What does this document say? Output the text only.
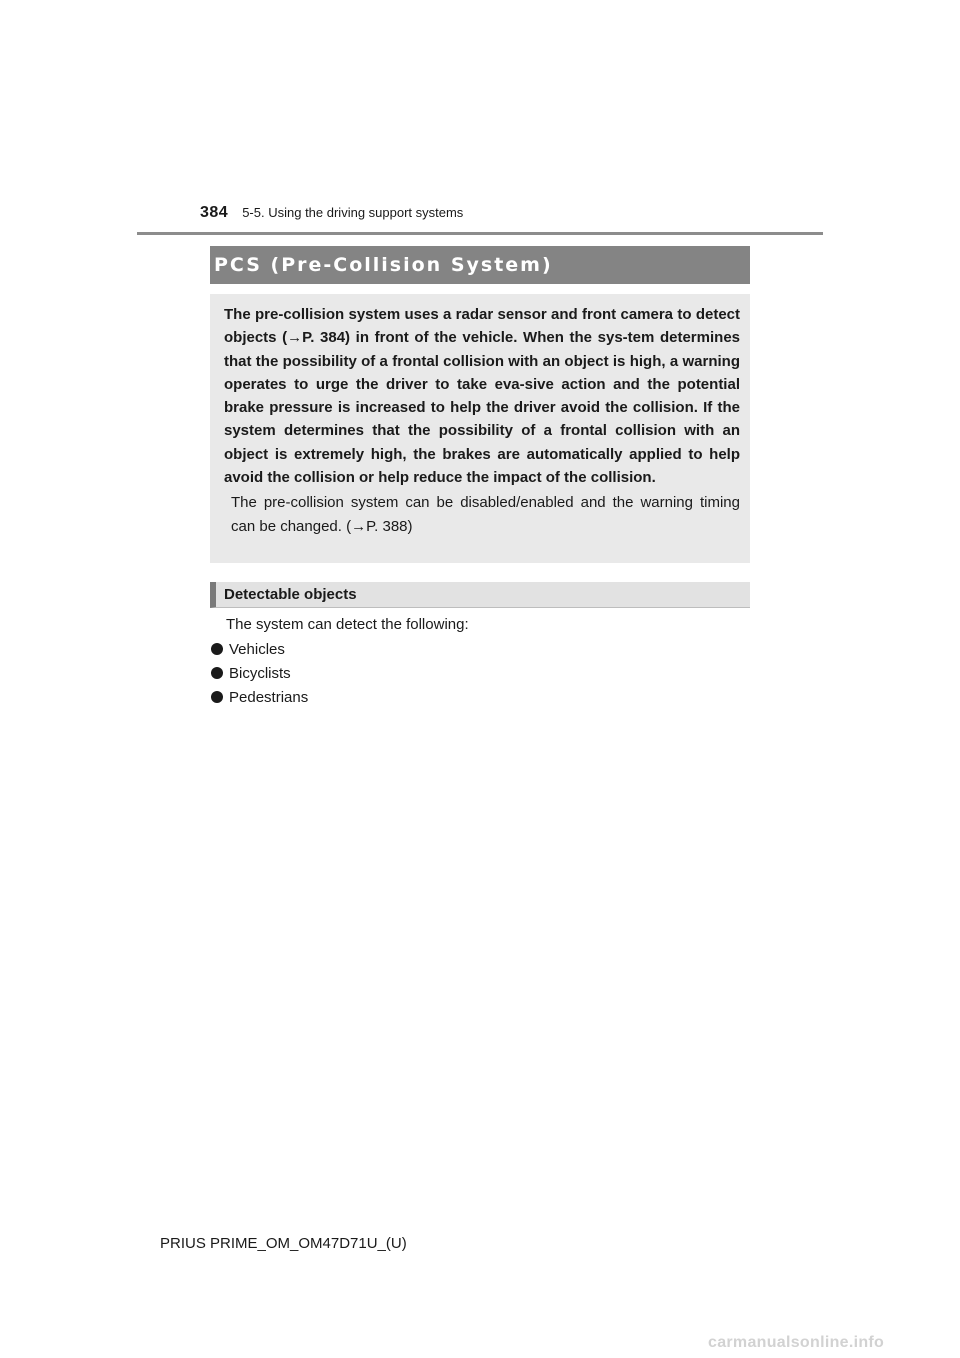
384 5-5. Using the driving support systems
PCS (Pre-Collision System)

The pre-collision system uses a radar sensor and front camera to detect objects (→P. 384) in front of the vehicle. When the sys-tem determines that the possibility of a frontal collision with an object is high, a warning operates to urge the driver to take eva-sive action and the potential brake pressure is increased to help the driver avoid the collision. If the system determines that the possibility of a frontal collision with an object is extremely high, the brakes are automatically applied to help avoid the collision or help reduce the impact of the collision.

The pre-collision system can be disabled/enabled and the warning timing can be changed. (→P. 388)

Detectable objects
The system can detect the following:
Vehicles
Bicyclists
Pedestrians
PRIUS PRIME_OM_OM47D71U_(U)
carmanualsonline.info
